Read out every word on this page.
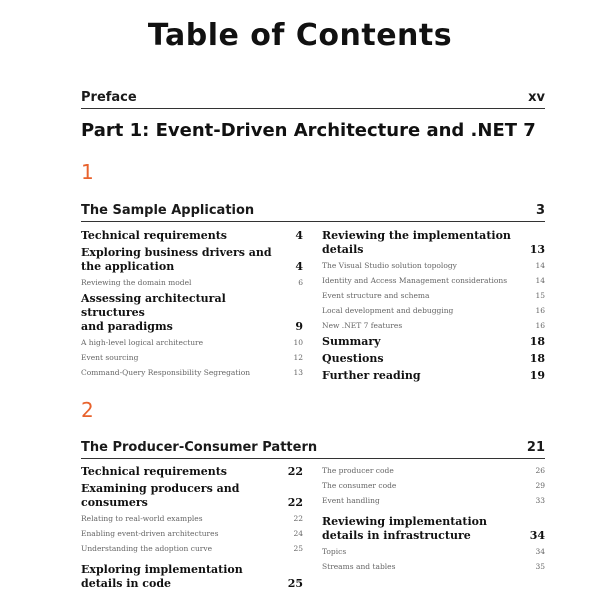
Table of Contents
Preface	xv
Part 1: Event-Driven Architecture and .NET 7
1
The Sample Application	3
Technical requirements	4
Exploring business drivers and
the application	4
Reviewing the domain model	6
Assessing architectural structures
and paradigms	9
A high-level logical architecture	10
Event sourcing	12
Command-Query Responsibility Segregation	13
Reviewing the implementation details	13
The Visual Studio solution topology	14
Identity and Access Management considerations	14
Event structure and schema	15
Local development and debugging	16
New .NET 7 features	16
Summary	18
Questions	18
Further reading	19
2
The Producer-Consumer Pattern	21
Technical requirements	22
Examining producers and consumers	22
Relating to real-world examples	22
Enabling event-driven architectures	24
Understanding the adoption curve	25
Exploring implementation
details in code	25
The producer code	26
The consumer code	29
Event handling	33
Reviewing implementation
details in infrastructure	34
Topics	34
Streams and tables	35
